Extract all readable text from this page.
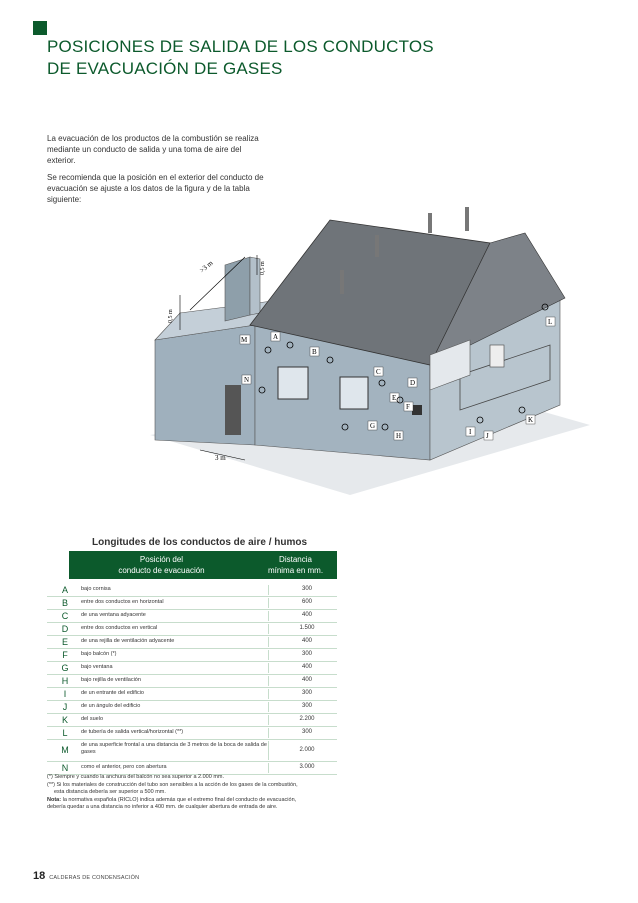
POSICIONES DE SALIDA DE LOS CONDUCTOS
DE EVACUACIÓN DE GASES

La evacuación de los productos de la combustión se realiza mediante un conducto de salida y una toma de aire del exterior.

Se recomienda que la posición en el exterior del conducto de evacuación se ajuste a los datos de la figura y de la tabla siguiente:

>3 m
0,5 m
0,5 m
3 m
A
B
C
D
E
F
G
H	I J
K
L
M
N
Longitudes de los conductos de aire / humos
Posición del
conducto de evacuación
Distancia
mínima en mm.
A	bajo cornisa	300
B	entre dos conductos en horizontal	600
C	de una ventana adyacente	400
D	entre dos conductos en vertical	1.500
E	de una rejilla de ventilación adyacente	400
F	bajo balcón (*)	300
G	bajo ventana	400
H	bajo rejilla de ventilación	400
I	de un entrante del edificio	300
J	de un ángulo del edificio	300
K	del suelo	2.200
L	de tubería de salida vertical/horizontal (**)	300
M	de una superficie frontal a una distancia de 3 metros de la boca de salida de gases	2.000
N	como el anterior, pero con abertura	3.000

(*) Siempre y cuando la anchura del balcón no sea superior a 2.000 mm.

(**) Si los materiales de construcción del tubo son sensibles a la acción de los gases de la combustión,

esta distancia debería ser superior a 500 mm.

Nota: la normativa española (RICLO) indica además que el extremo final del conducto de evacuación,

debería quedar a una distancia no inferior a 400 mm. de cualquier abertura de entrada de aire.

18 CALDERAS DE CONDENSACIÓN
